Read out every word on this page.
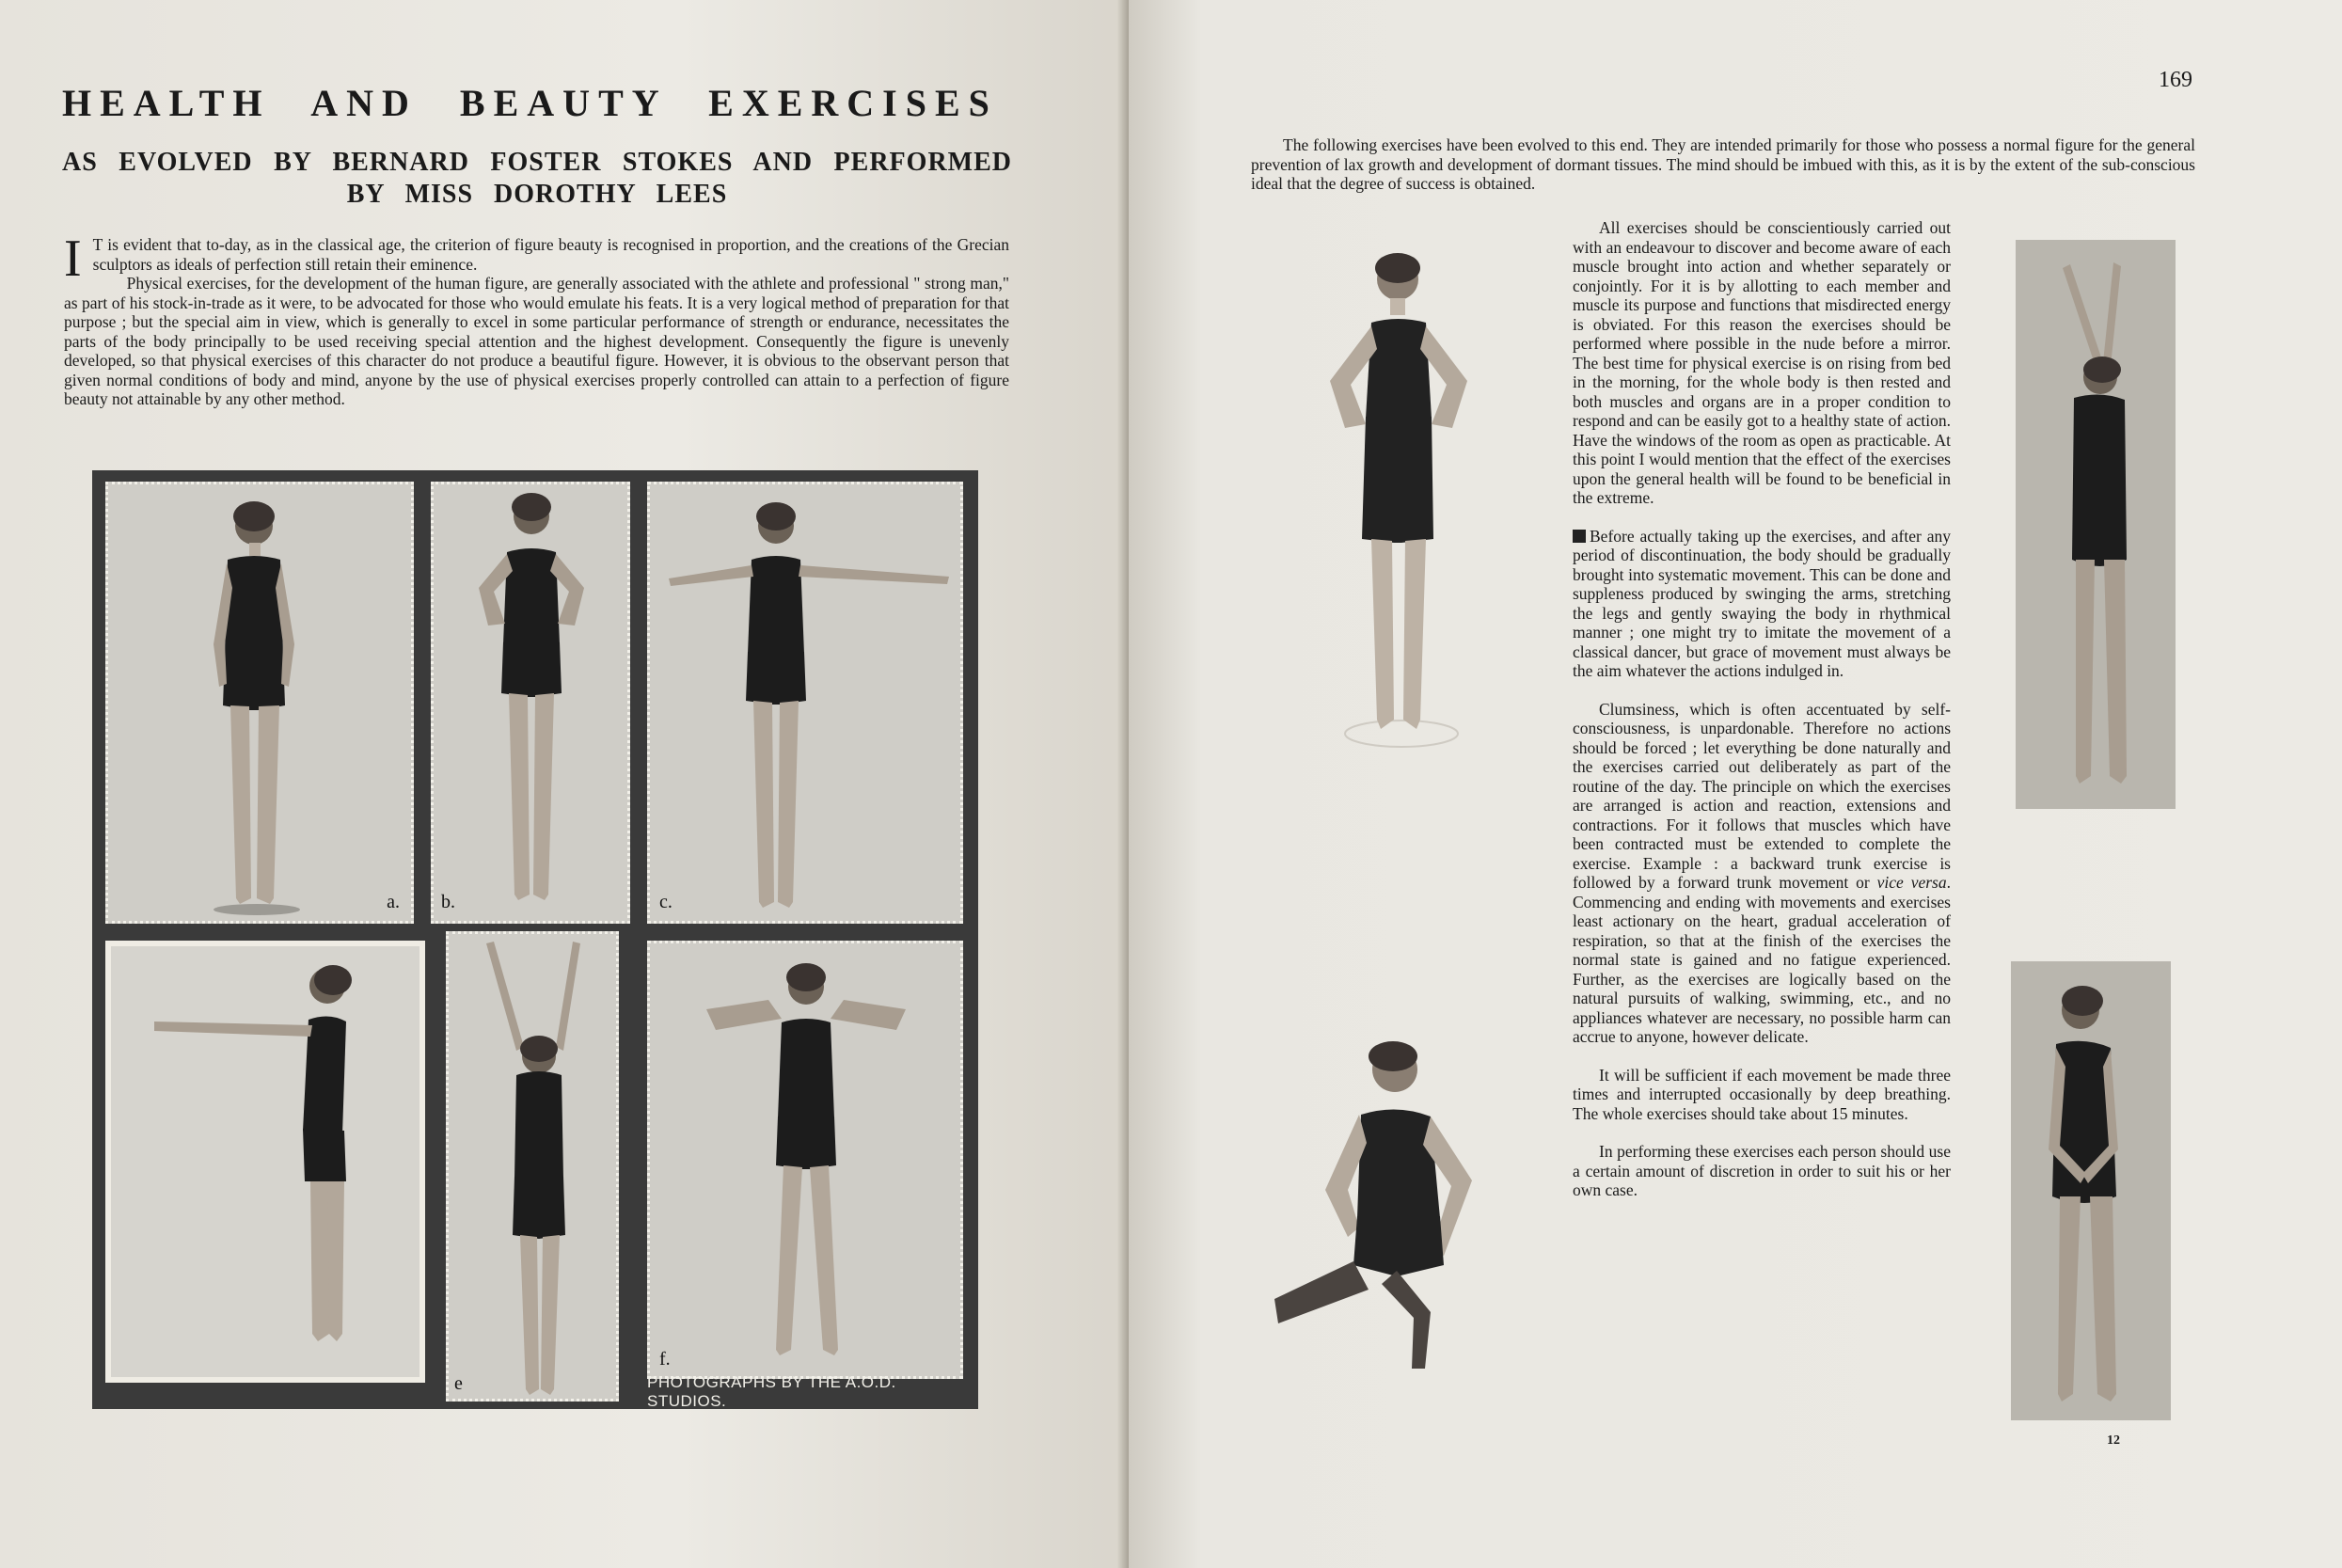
HEALTH AND BEAUTY EXERCISES
AS EVOLVED BY BERNARD FOSTER STOKES AND PERFORMED
BY MISS DOROTHY LEES

I T is evident that to-day, as in the classical age, the criterion of figure beauty is recognised in proportion, and the creations of the Grecian sculptors as ideals of perfection still retain their eminence.

Physical exercises, for the development of the human figure, are generally associated with the athlete and professional " strong man," as part of his stock-in-trade as it were, to be advocated for those who would emulate his feats. It is a very logical method of preparation for that purpose ; but the special aim in view, which is generally to excel in some particular performance of strength or endurance, necessitates the parts of the body principally to be used receiving special attention and the highest development. Consequently the figure is unevenly developed, so that physical exercises of this character do not produce a beautiful figure. However, it is obvious to the observant person that given normal conditions of body and mind, anyone by the use of physical exercises properly controlled can attain to a perfection of figure beauty not attainable by any other method.

a. b.	c.
e
f.
PHOTOGRAPHS BY THE A.O.D. STUDIOS.
169

The following exercises have been evolved to this end. They are intended primarily for those who possess a normal figure for the general prevention of lax growth and development of dormant tissues. The mind should be imbued with this, as it is by the extent of the sub-conscious ideal that the degree of success is obtained.

All exercises should be conscientiously carried out with an endeavour to discover and become aware of each muscle brought into action and whether separately or conjointly. For it is by allotting to each member and muscle its purpose and functions that misdirected energy is obviated. For this reason the exercises should be performed where possible in the nude before a mirror. The best time for physical exercise is on rising from bed in the morning, for the whole body is then rested and both muscles and organs are in a proper condition to respond and can be easily got to a healthy state of action. Have the windows of the room as open as practicable. At this point I would mention that the effect of the exercises upon the general health will be found to be beneficial in the extreme.

Before actually taking up the exercises, and after any period of discontinuation, the body should be gradually brought into systematic movement. This can be done and suppleness produced by swinging the arms, stretching the legs and gently swaying the body in rhythmical manner ; one might try to imitate the movement of a classical dancer, but grace of movement must always be the aim whatever the actions indulged in.

Clumsiness, which is often accentuated by self-consciousness, is unpardonable. Therefore no actions should be forced ; let everything be done naturally and the exercises carried out deliberately as part of the routine of the day. The principle on which the exercises are arranged is action and reaction, extensions and contractions. For it follows that muscles which have been contracted must be extended to complete the exercise. Example : a backward trunk exercise is followed by a forward trunk movement or vice versa. Commencing and ending with movements and exercises least actionary on the heart, gradual acceleration of respiration, so that at the finish of the exercises the normal state is gained and no fatigue experienced. Further, as the exercises are logically based on the natural pursuits of walking, swimming, etc., and no appliances whatever are necessary, no possible harm can accrue to anyone, however delicate.

It will be sufficient if each movement be made three times and interrupted occasionally by deep breathing. The whole exercises should take about 15 minutes.

In performing these exercises each person should use a certain amount of discretion in order to suit his or her own case.

12
